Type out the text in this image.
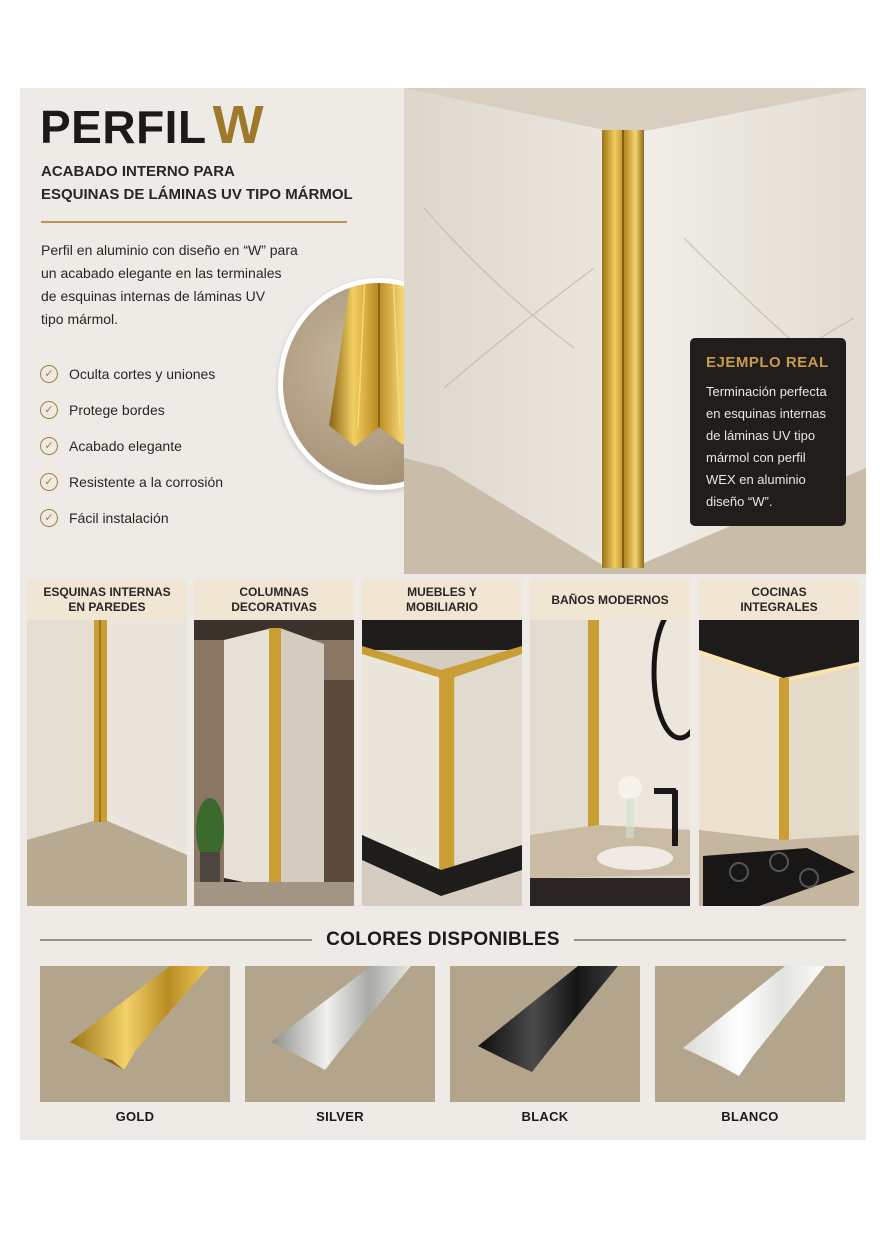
PERFIL W
ACABADO INTERNO PARA
ESQUINAS DE LÁMINAS UV TIPO MÁRMOL
Perfil en aluminio con diseño en “W” para
un acabado elegante en las terminales
de esquinas internas de láminas UV
tipo mármol.
✓	Oculta cortes y uniones
✓	Protege bordes
✓	Acabado elegante
✓	Resistente a la corrosión
✓	Fácil instalación
EJEMPLO REAL
Terminación perfecta
en esquinas internas
de láminas UV tipo
mármol con perfil
WEX en aluminio
diseño “W”.
ESQUINAS INTERNAS
EN PAREDES
COLUMNAS
DECORATIVAS
MUEBLES Y
MOBILIARIO
BAÑOS MODERNOS
COCINAS
INTEGRALES
COLORES DISPONIBLES
GOLD	SILVER	BLACK	BLANCO
